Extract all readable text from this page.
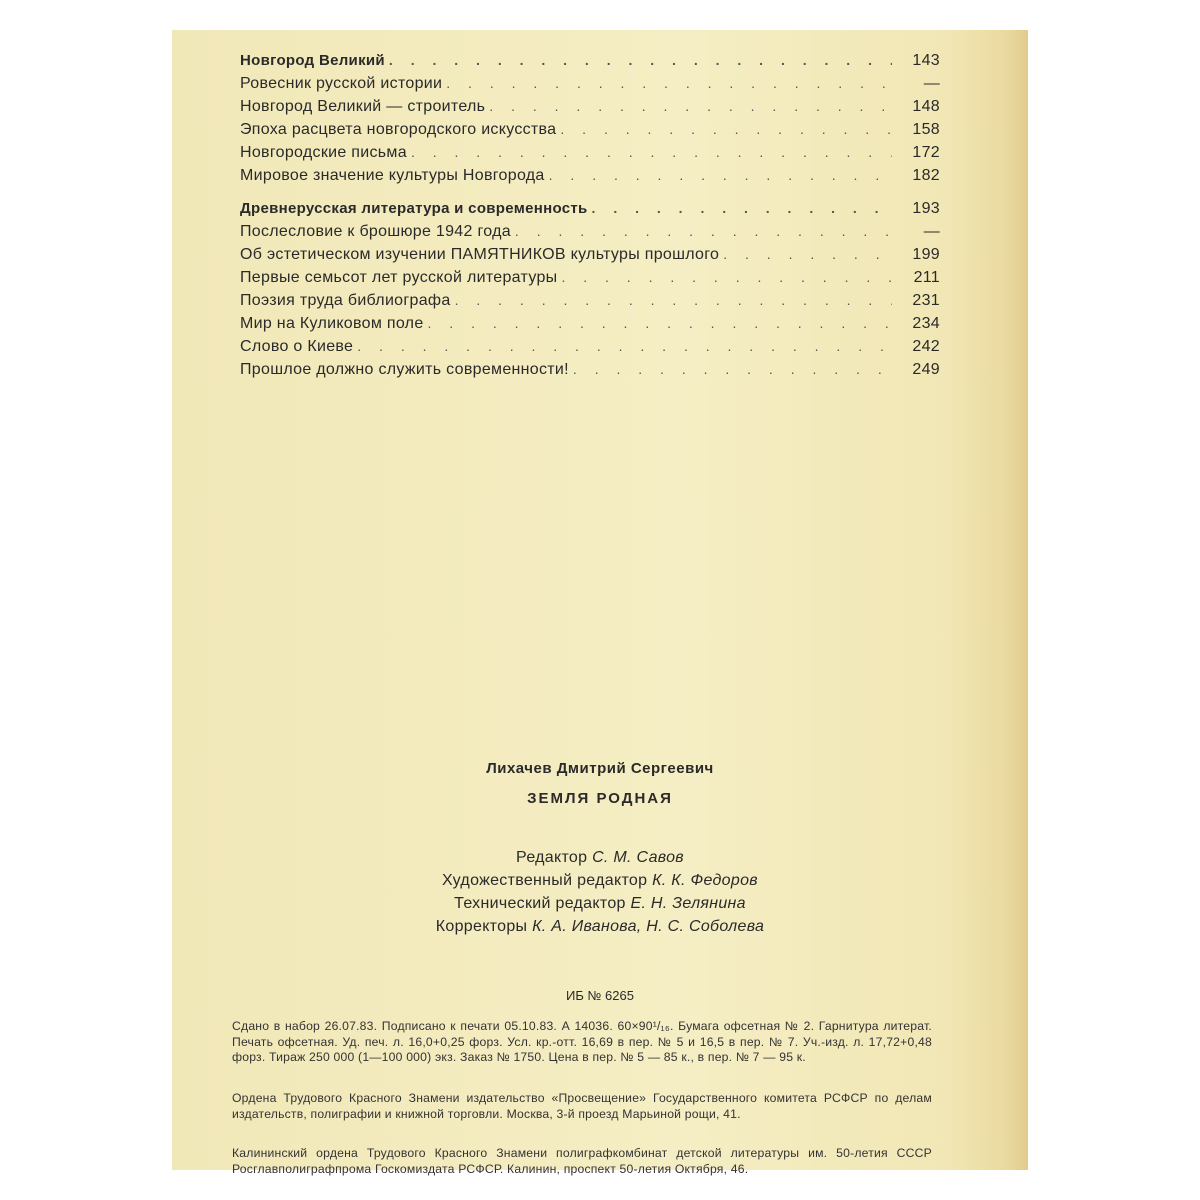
Новгород Великий . . .	143
Ровесник русской истории . . .	—
Новгород Великий — строитель . . .	148
Эпоха расцвета новгородского искусства . . .	158
Новгородские письма . . .	172
Мировое значение культуры Новгорода . . .	182
Древнерусская литература и современность . . .	193
Послесловие к брошюре 1942 года . . .	—
Об эстетическом изучении ПАМЯТНИКОВ культуры прошлого . . .	199
Первые семьсот лет русской литературы . . .	211
Поэзия труда библиографа . . .	231
Мир на Куликовом поле . . .	234
Слово о Киеве . . .	242
Прошлое должно служить современности! . . .	249
Лихачев Дмитрий Сергеевич
ЗЕМЛЯ РОДНАЯ
Редактор С. М. Савов
Художественный редактор К. К. Федоров
Технический редактор Е. Н. Зелянина
Корректоры К. А. Иванова, Н. С. Соболева
ИБ № 6265
Сдано в набор 26.07.83. Подписано к печати 05.10.83. А 14036. 60×90¹/₁₆. Бумага офсетная № 2. Гарнитура литерат. Печать офсетная. Уд. печ. л. 16,0+0,25 форз. Усл. кр.-отт. 16,69 в пер. № 5 и 16,5 в пер. № 7. Уч.-изд. л. 17,72+0,48 форз. Тираж 250 000 (1—100 000) экз. Заказ № 1750. Цена в пер. № 5 — 85 к., в пер. № 7 — 95 к.
Ордена Трудового Красного Знамени издательство «Просвещение» Государственного комитета РСФСР по делам издательств, полиграфии и книжной торговли. Москва, 3-й проезд Марьиной рощи, 41.
Калининский ордена Трудового Красного Знамени полиграфкомбинат детской литературы им. 50-летия СССР Росглавполиграфпрома Госкомиздата РСФСР. Калинин, проспект 50-летия Октября, 46.
